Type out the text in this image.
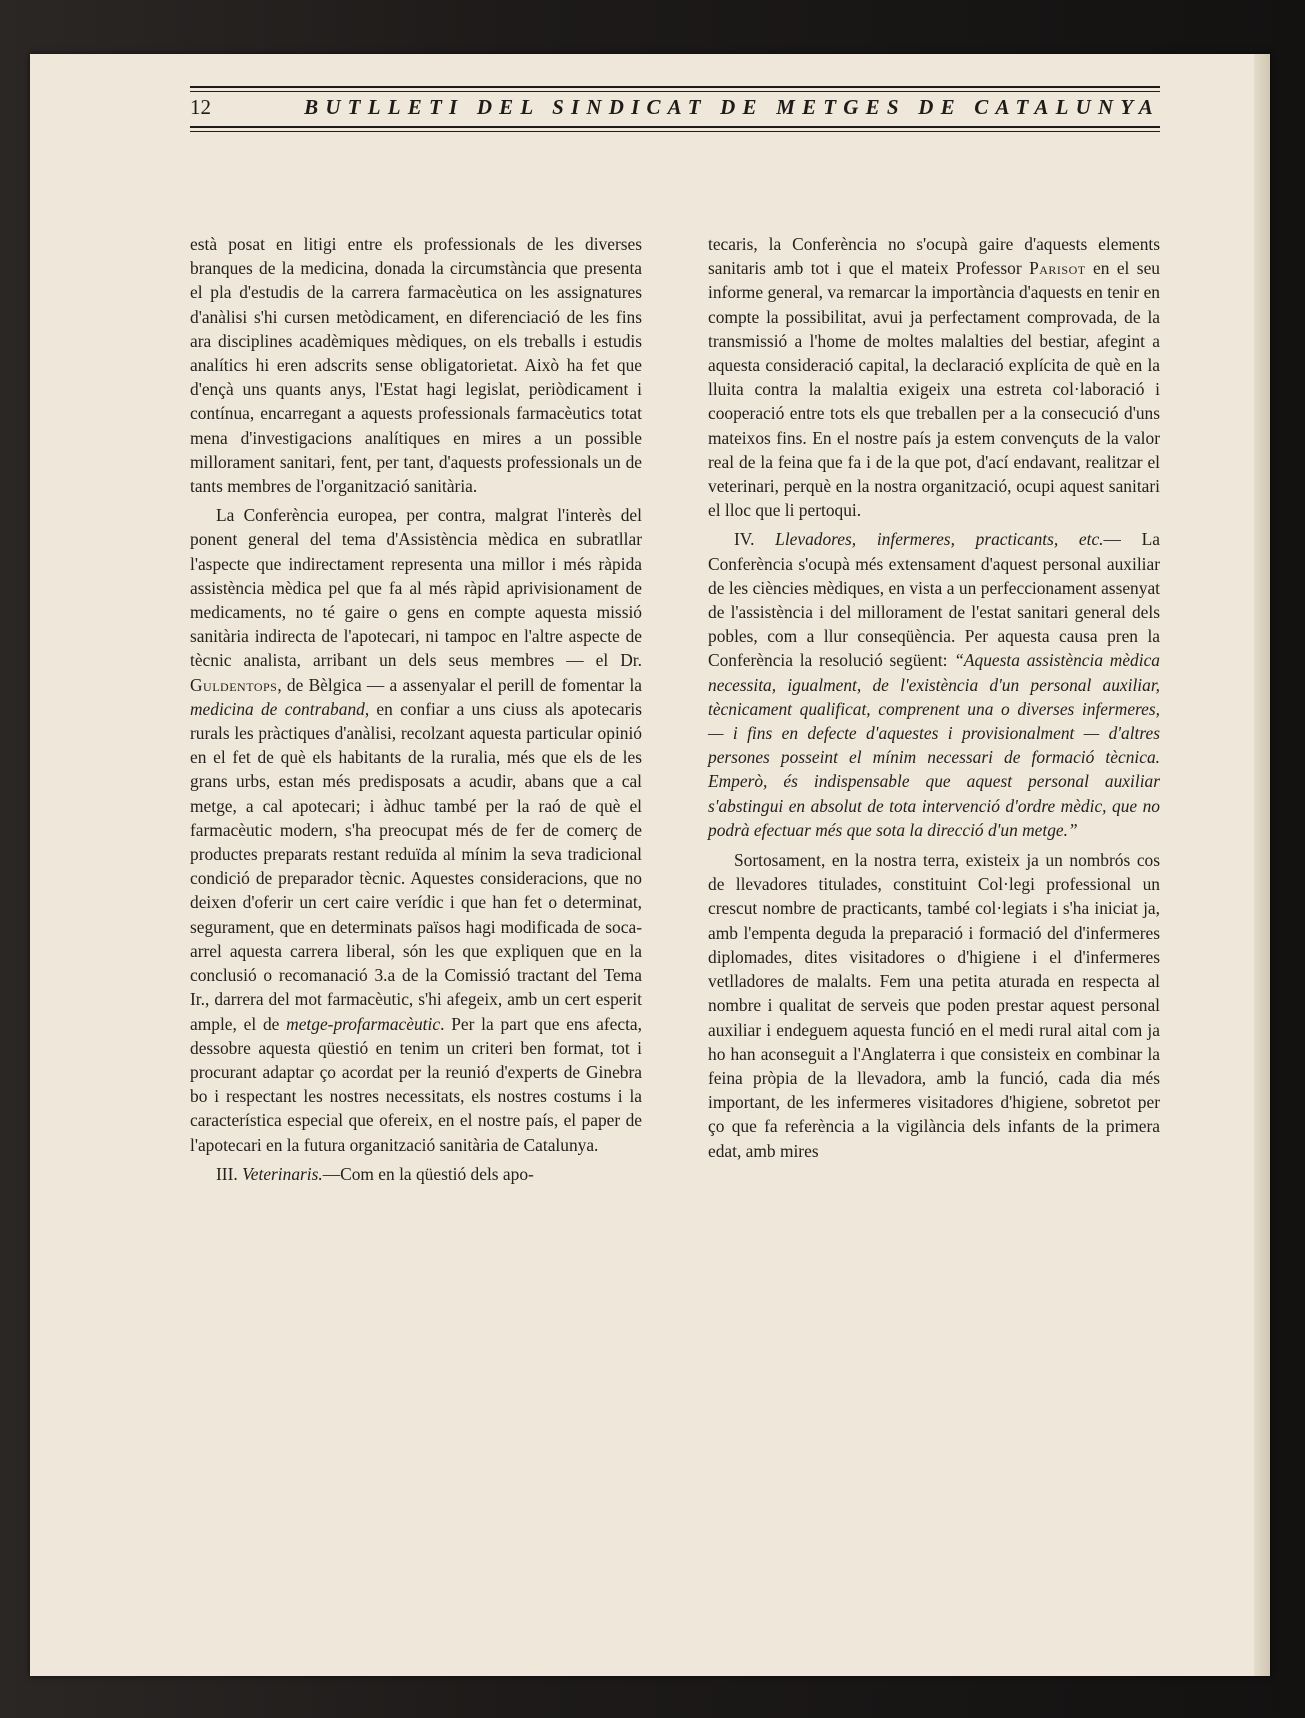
12	BUTLLETI DEL SINDICAT DE METGES DE CATALUNYA

està posat en litigi entre els professionals de les diverses branques de la medicina, donada la circumstància que presenta el pla d'estudis de la carrera farmacèutica on les assignatures d'anàlisi s'hi cursen metòdicament, en diferenciació de les fins ara disciplines acadèmiques mèdiques, on els treballs i estudis analítics hi eren adscrits sense obligatorietat. Això ha fet que d'ençà uns quants anys, l'Estat hagi legislat, periòdicament i contínua, encarregant a aquests professionals farmacèutics totat mena d'investigacions analítiques en mires a un possible millorament sanitari, fent, per tant, d'aquests professionals un de tants membres de l'organització sanitària.

La Conferència europea, per contra, malgrat l'interès del ponent general del tema d'Assistència mèdica en subratllar l'aspecte que indirectament representa una millor i més ràpida assistència mèdica pel que fa al més ràpid aprivisionament de medicaments, no té gaire o gens en compte aquesta missió sanitària indirecta de l'apotecari, ni tampoc en l'altre aspecte de tècnic analista, arribant un dels seus membres — el Dr. Guldentops, de Bèlgica — a assenyalar el perill de fomentar la medicina de contraband, en confiar a uns ciuss als apotecaris rurals les pràctiques d'anàlisi, recolzant aquesta particular opinió en el fet de què els habitants de la ruralia, més que els de les grans urbs, estan més predisposats a acudir, abans que a cal metge, a cal apotecari; i àdhuc també per la raó de què el farmacèutic modern, s'ha preocupat més de fer de comerç de productes preparats restant reduïda al mínim la seva tradicional condició de preparador tècnic. Aquestes consideracions, que no deixen d'oferir un cert caire verídic i que han fet o determinat, segurament, que en determinats països hagi modificada de soca-arrel aquesta carrera liberal, són les que expliquen que en la conclusió o recomanació 3.a de la Comissió tractant del Tema Ir., darrera del mot farmacèutic, s'hi afegeix, amb un cert esperit ample, el de metge-profarmacèutic. Per la part que ens afecta, dessobre aquesta qüestió en tenim un criteri ben format, tot i procurant adaptar ço acordat per la reunió d'experts de Ginebra bo i respectant les nostres necessitats, els nostres costums i la característica especial que ofereix, en el nostre país, el paper de l'apotecari en la futura organització sanitària de Catalunya.

III. Veterinaris.—Com en la qüestió dels apo-

tecaris, la Conferència no s'ocupà gaire d'aquests elements sanitaris amb tot i que el mateix Professor Parisot en el seu informe general, va remarcar la importància d'aquests en tenir en compte la possibilitat, avui ja perfectament comprovada, de la transmissió a l'home de moltes malalties del bestiar, afegint a aquesta consideració capital, la declaració explícita de què en la lluita contra la malaltia exigeix una estreta col·laboració i cooperació entre tots els que treballen per a la consecució d'uns mateixos fins. En el nostre país ja estem convençuts de la valor real de la feina que fa i de la que pot, d'ací endavant, realitzar el veterinari, perquè en la nostra organització, ocupi aquest sanitari el lloc que li pertoqui.

IV. Llevadores, infermeres, practicants, etc.— La Conferència s'ocupà més extensament d'aquest personal auxiliar de les ciències mèdiques, en vista a un perfeccionament assenyat de l'assistència i del millorament de l'estat sanitari general dels pobles, com a llur conseqüència. Per aquesta causa pren la Conferència la resolució següent: “Aquesta assistència mèdica necessita, igualment, de l'existència d'un personal auxiliar, tècnicament qualificat, comprenent una o diverses infermeres, — i fins en defecte d'aquestes i provisionalment — d'altres persones posseint el mínim necessari de formació tècnica. Emperò, és indispensable que aquest personal auxiliar s'abstingui en absolut de tota intervenció d'ordre mèdic, que no podrà efectuar més que sota la direcció d'un metge.”

Sortosament, en la nostra terra, existeix ja un nombrós cos de llevadores titulades, constituint Col·legi professional un crescut nombre de practicants, també col·legiats i s'ha iniciat ja, amb l'empenta deguda la preparació i formació del d'infermeres diplomades, dites visitadores o d'higiene i el d'infermeres vetlladores de malalts. Fem una petita aturada en respecta al nombre i qualitat de serveis que poden prestar aquest personal auxiliar i endeguem aquesta funció en el medi rural aital com ja ho han aconseguit a l'Anglaterra i que consisteix en combinar la feina pròpia de la llevadora, amb la funció, cada dia més important, de les infermeres visitadores d'higiene, sobretot per ço que fa referència a la vigilància dels infants de la primera edat, amb mires
